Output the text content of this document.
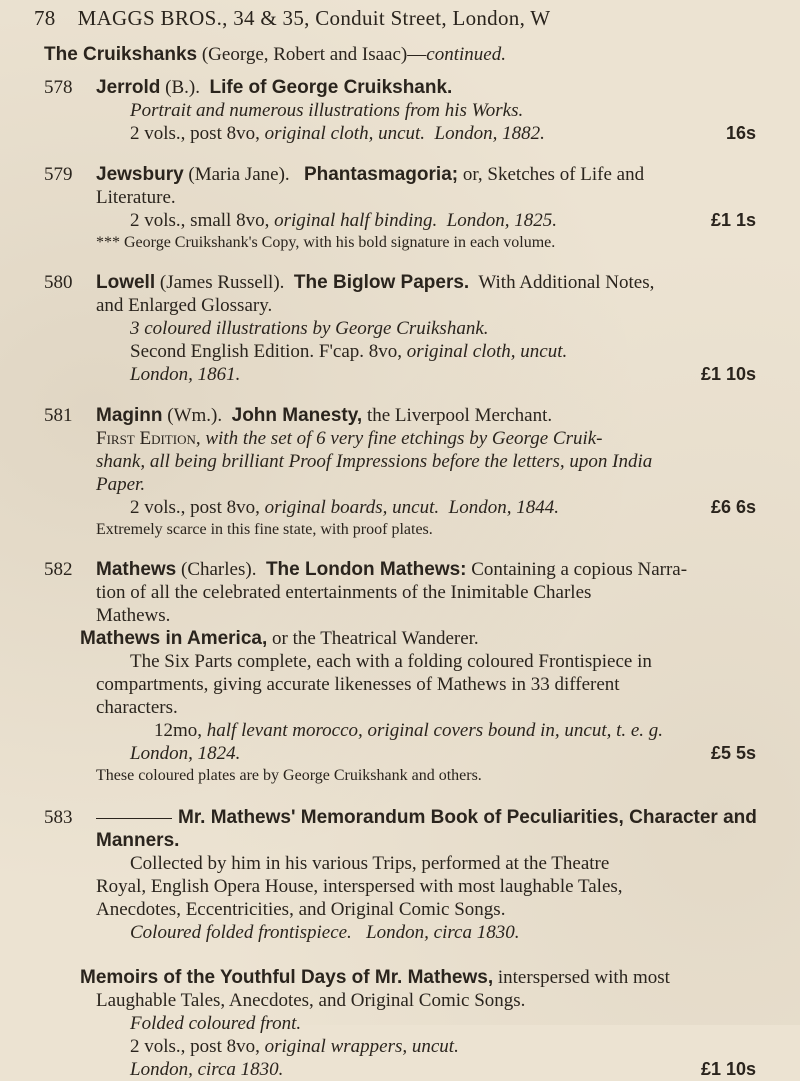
78 MAGGS BROS., 34 & 35, Conduit Street, London, W
The Cruikshanks (George, Robert and Isaac)—continued.
578	Jerrold (B.). Life of George Cruikshank.
Portrait and numerous illustrations from his Works.
2 vols., post 8vo, original cloth, uncut. London, 1882.	16s
579	Jewsbury (Maria Jane). Phantasmagoria; or, Sketches of Life and
Literature.
2 vols., small 8vo, original half binding. London, 1825.	£1 1s
*** George Cruikshank's Copy, with his bold signature in each volume.
580	Lowell (James Russell). The Biglow Papers. With Additional Notes,
and Enlarged Glossary.
3 coloured illustrations by George Cruikshank.
Second English Edition. F'cap. 8vo, original cloth, uncut.
London, 1861.	£1 10s
581	Maginn (Wm.). John Manesty, the Liverpool Merchant.
First Edition, with the set of 6 very fine etchings by George Cruik-
shank, all being brilliant Proof Impressions before the letters, upon India
Paper.
2 vols., post 8vo, original boards, uncut. London, 1844.	£6 6s
Extremely scarce in this fine state, with proof plates.
582	Mathews (Charles). The London Mathews: Containing a copious Narra-
tion of all the celebrated entertainments of the Inimitable Charles
Mathews.
Mathews in America, or the Theatrical Wanderer.
The Six Parts complete, each with a folding coloured Frontispiece in
compartments, giving accurate likenesses of Mathews in 33 different
characters.
12mo, half levant morocco, original covers bound in, uncut, t. e. g.
London, 1824.	£5 5s
These coloured plates are by George Cruikshank and others.
583	Mr. Mathews' Memorandum Book of Peculiarities, Character and
Manners.
Collected by him in his various Trips, performed at the Theatre
Royal, English Opera House, interspersed with most laughable Tales,
Anecdotes, Eccentricities, and Original Comic Songs.
Coloured folded frontispiece. London, circa 1830.
Memoirs of the Youthful Days of Mr. Mathews, interspersed with most
Laughable Tales, Anecdotes, and Original Comic Songs.
Folded coloured front.
2 vols., post 8vo, original wrappers, uncut.
London, circa 1830.	£1 10s
